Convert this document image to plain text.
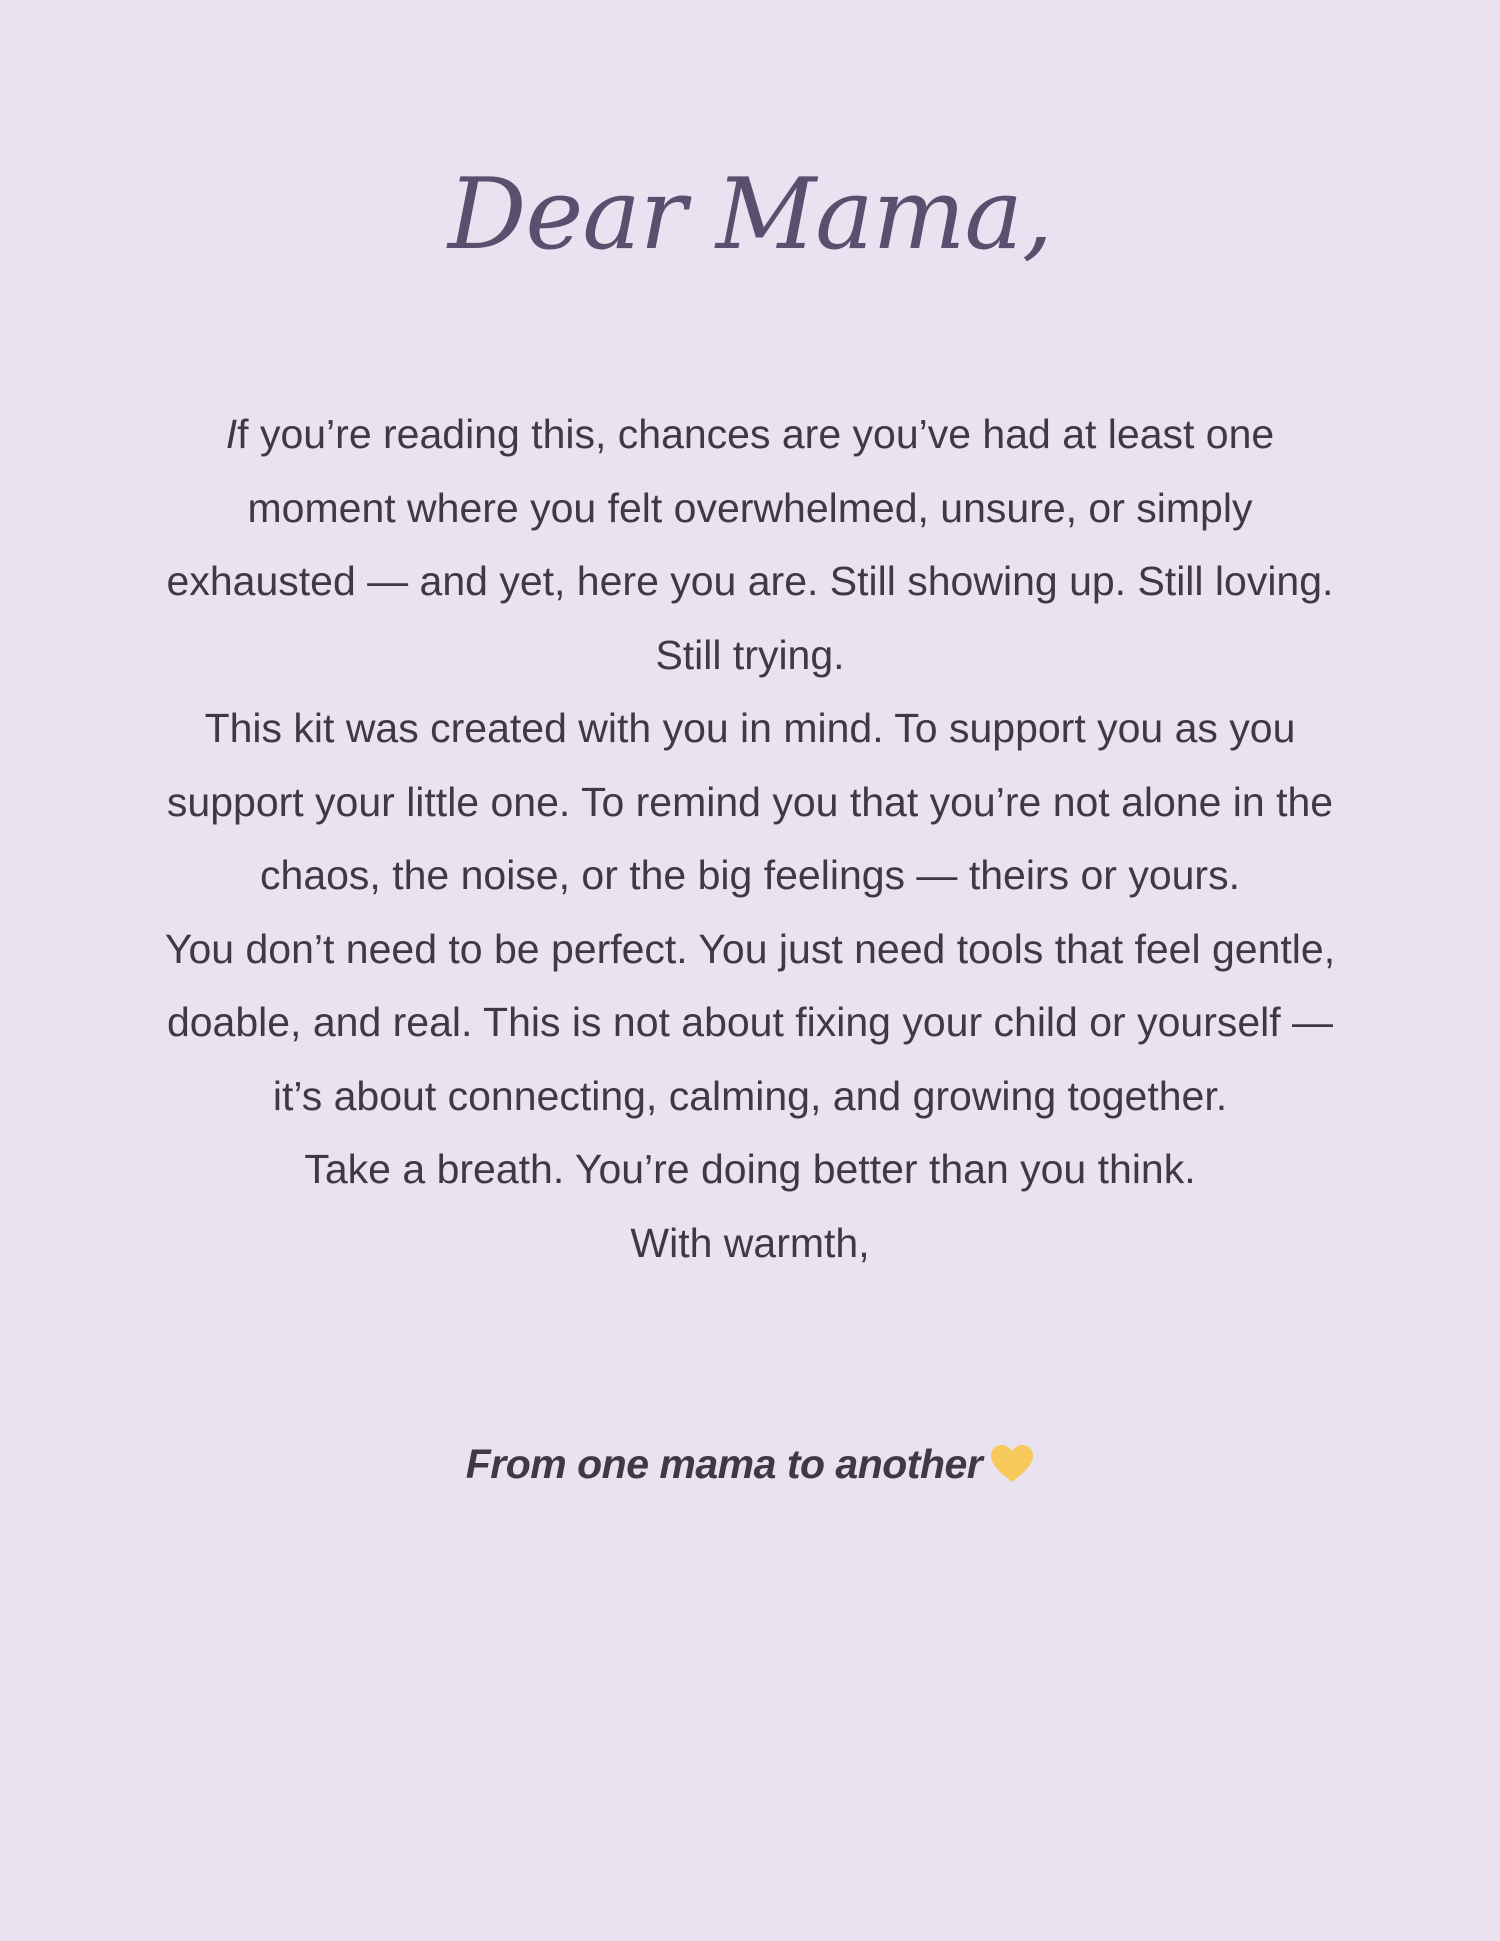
Dear Mama,

If you’re reading this, chances are you’ve had at least one moment where you felt overwhelmed, unsure, or simply exhausted — and yet, here you are. Still showing up. Still loving. Still trying.

This kit was created with you in mind. To support you as you support your little one. To remind you that you’re not alone in the chaos, the noise, or the big feelings — theirs or yours.

You don’t need to be perfect. You just need tools that feel gentle, doable, and real. This is not about fixing your child or yourself — it’s about connecting, calming, and growing together.

Take a breath. You’re doing better than you think.

With warmth,

From one mama to another
